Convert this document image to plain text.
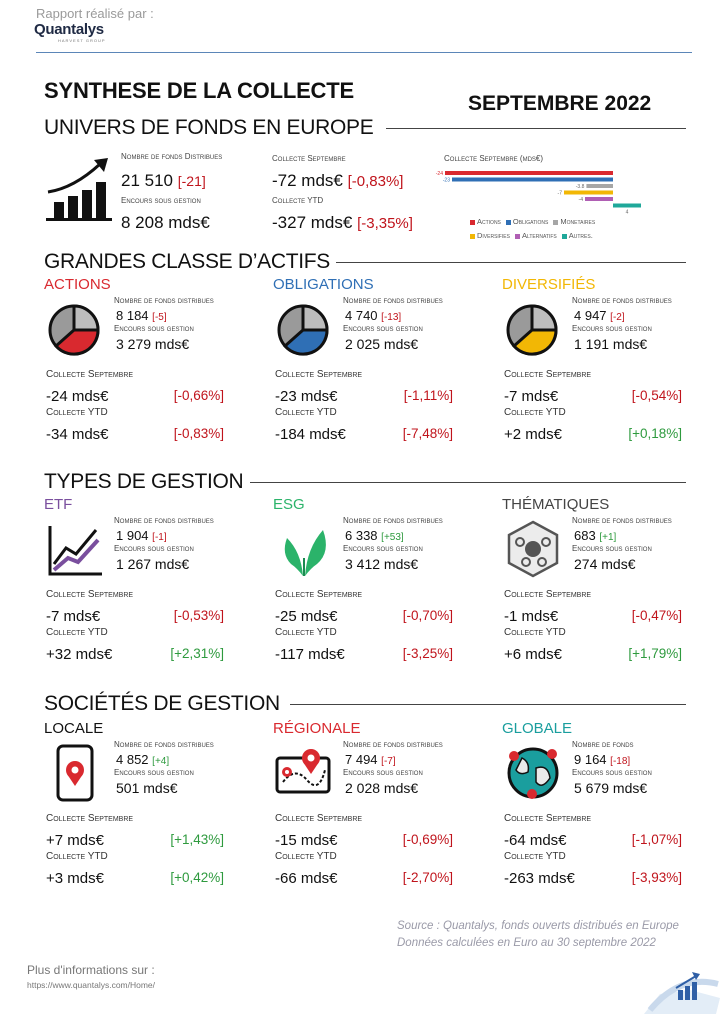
Rapport réalisé par :
Quantalys
HARVEST GROUP
SYNTHESE DE LA COLLECTE
SEPTEMBRE 2022
UNIVERS DE FONDS EN EUROPE
Nombre de fonds Distribues
21 510 [-21]
Encours sous gestion
8 208 mds€
Collecte Septembre
-72 mds€ [-0,83%]
Collecte YTD
-327 mds€ [-3,35%]
Collecte Septembre (mds€)
-24
-23
-3.8
-7
-4
4
Actions Obligations Monetaires
Diversifies Alternatifs Autres.
GRANDES CLASSE D’ACTIFS
TYPES DE GESTION
SOCIÉTÉS DE GESTION
ACTIONS
Nombre de fonds distribues
8 184 [-5]
Encours sous gestion
3 279 mds€
Collecte Septembre
-24 mds€	[-0,66%]
Collecte YTD
-34 mds€	[-0,83%]
OBLIGATIONS
Nombre de fonds distribues
4 740 [-13]
Encours sous gestion
2 025 mds€
Collecte Septembre
-23 mds€	[-1,11%]
Collecte YTD
-184 mds€	[-7,48%]
DIVERSIFIÉS
Nombre de fonds distribues
4 947 [-2]
Encours sous gestion
1 191 mds€
Collecte Septembre
-7 mds€	[-0,54%]
Collecte YTD
+2 mds€	[+0,18%]
ETF
Nombre de fonds distribues
1 904 [-1]
Encours sous gestion
1 267 mds€
Collecte Septembre
-7 mds€	[-0,53%]
Collecte YTD
+32 mds€	[+2,31%]
ESG
Nombre de fonds distribues
6 338 [+53]
Encours sous gestion
3 412 mds€
Collecte Septembre
-25 mds€	[-0,70%]
Collecte YTD
-117 mds€	[-3,25%]
THÉMATIQUES
Nombre de fonds distribues
683 [+1]
Encours sous gestion
274 mds€
Collecte Septembre
-1 mds€	[-0,47%]
Collecte YTD
+6 mds€	[+1,79%]
LOCALE
Nombre de fonds distribues
4 852 [+4]
Encours sous gestion
501 mds€
Collecte Septembre
+7 mds€	[+1,43%]
Collecte YTD
+3 mds€	[+0,42%]
RÉGIONALE
Nombre de fonds distribues
7 494 [-7]
Encours sous gestion
2 028 mds€
Collecte Septembre
-15 mds€	[-0,69%]
Collecte YTD
-66 mds€	[-2,70%]
GLOBALE
Nombre de fonds
9 164 [-18]
Encours sous gestion
5 679 mds€
Collecte Septembre
-64 mds€	[-1,07%]
Collecte YTD
-263 mds€	[-3,93%]
Source : Quantalys, fonds ouverts distribués en Europe
Données calculées en Euro au 30 septembre 2022
Plus d'informations sur :
https://www.quantalys.com/Home/
